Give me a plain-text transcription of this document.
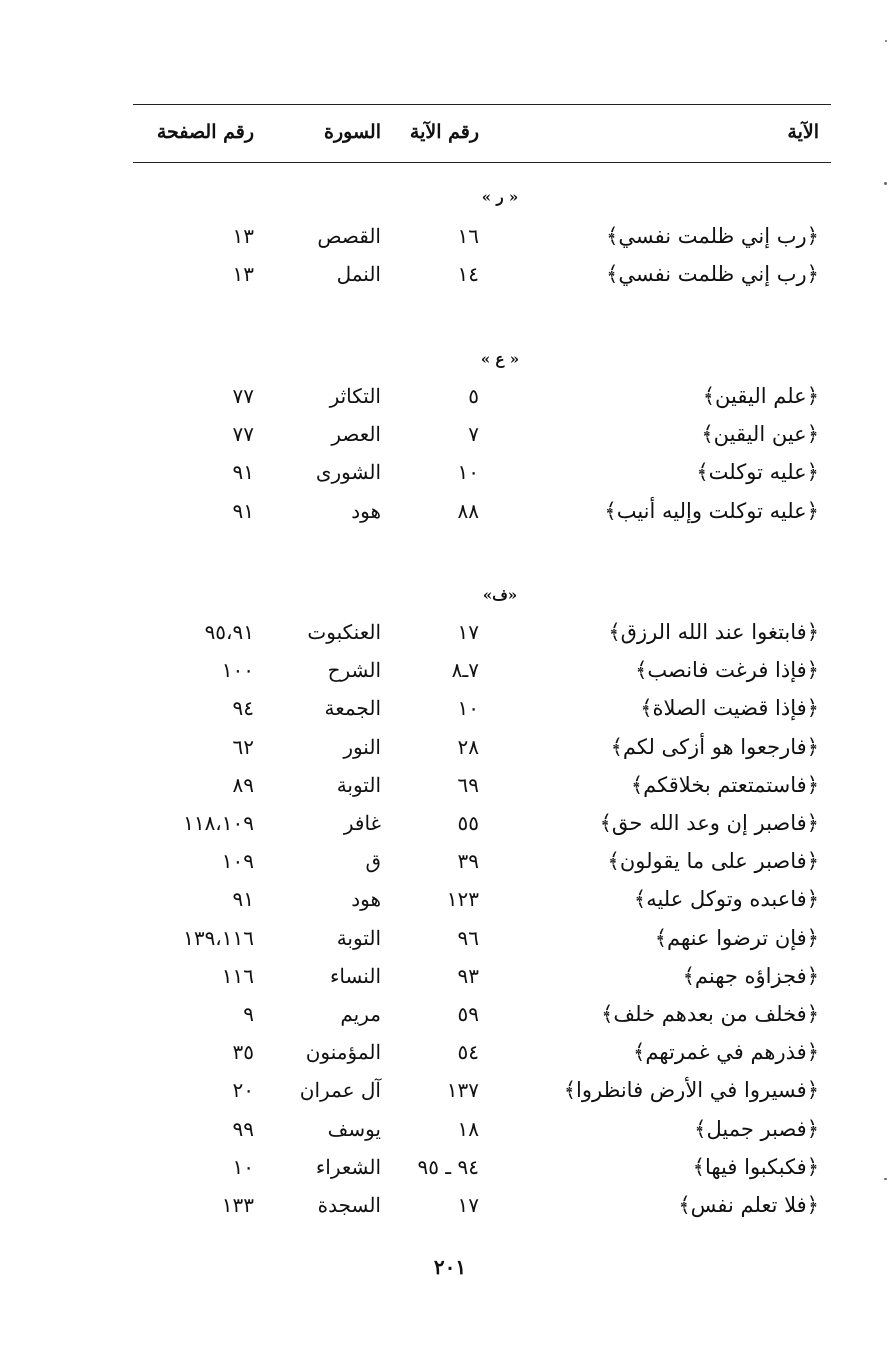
الآية
رقم الآية
السورة
رقم الصفحة
« ر »
﴿رب إني ظلمت نفسي﴾
١٦
القصص
١٣
﴿رب إني ظلمت نفسي﴾
١٤
النمل
١٣
« ع »
﴿علم اليقين﴾
٥
التكاثر
٧٧
﴿عين اليقين﴾
٧
العصر
٧٧
﴿عليه توكلت﴾
١٠
الشورى
٩١
﴿عليه توكلت وإليه أنيب﴾
٨٨
هود
٩١
«ف»
﴿فابتغوا عند الله الرزق﴾
١٧
العنكبوت
٩٥،٩١
﴿فإذا فرغت فانصب﴾
٧ـ٨
الشرح
١٠٠
﴿فإذا قضيت الصلاة﴾
١٠
الجمعة
٩٤
﴿فارجعوا هو أزكى لكم﴾
٢٨
النور
٦٢
﴿فاستمتعتم بخلاقكم﴾
٦٩
التوبة
٨٩
﴿فاصبر إن وعد الله حق﴾
٥٥
غافر
١١٨،١٠٩
﴿فاصبر على ما يقولون﴾
٣٩
ق
١٠٩
﴿فاعبده وتوكل عليه﴾
١٢٣
هود
٩١
﴿فإن ترضوا عنهم﴾
٩٦
التوبة
١٣٩،١١٦
﴿فجزاؤه جهنم﴾
٩٣
النساء
١١٦
﴿فخلف من بعدهم خلف﴾
٥٩
مريم
٩
﴿فذرهم في غمرتهم﴾
٥٤
المؤمنون
٣٥
﴿فسيروا في الأرض فانظروا﴾
١٣٧
آل عمران
٢٠
﴿فصبر جميل﴾
١٨
يوسف
٩٩
﴿فكبكبوا فيها﴾
٩٤ ـ ٩٥
الشعراء
١٠
﴿فلا تعلم نفس﴾
١٧
السجدة
١٣٣
٢٠١
